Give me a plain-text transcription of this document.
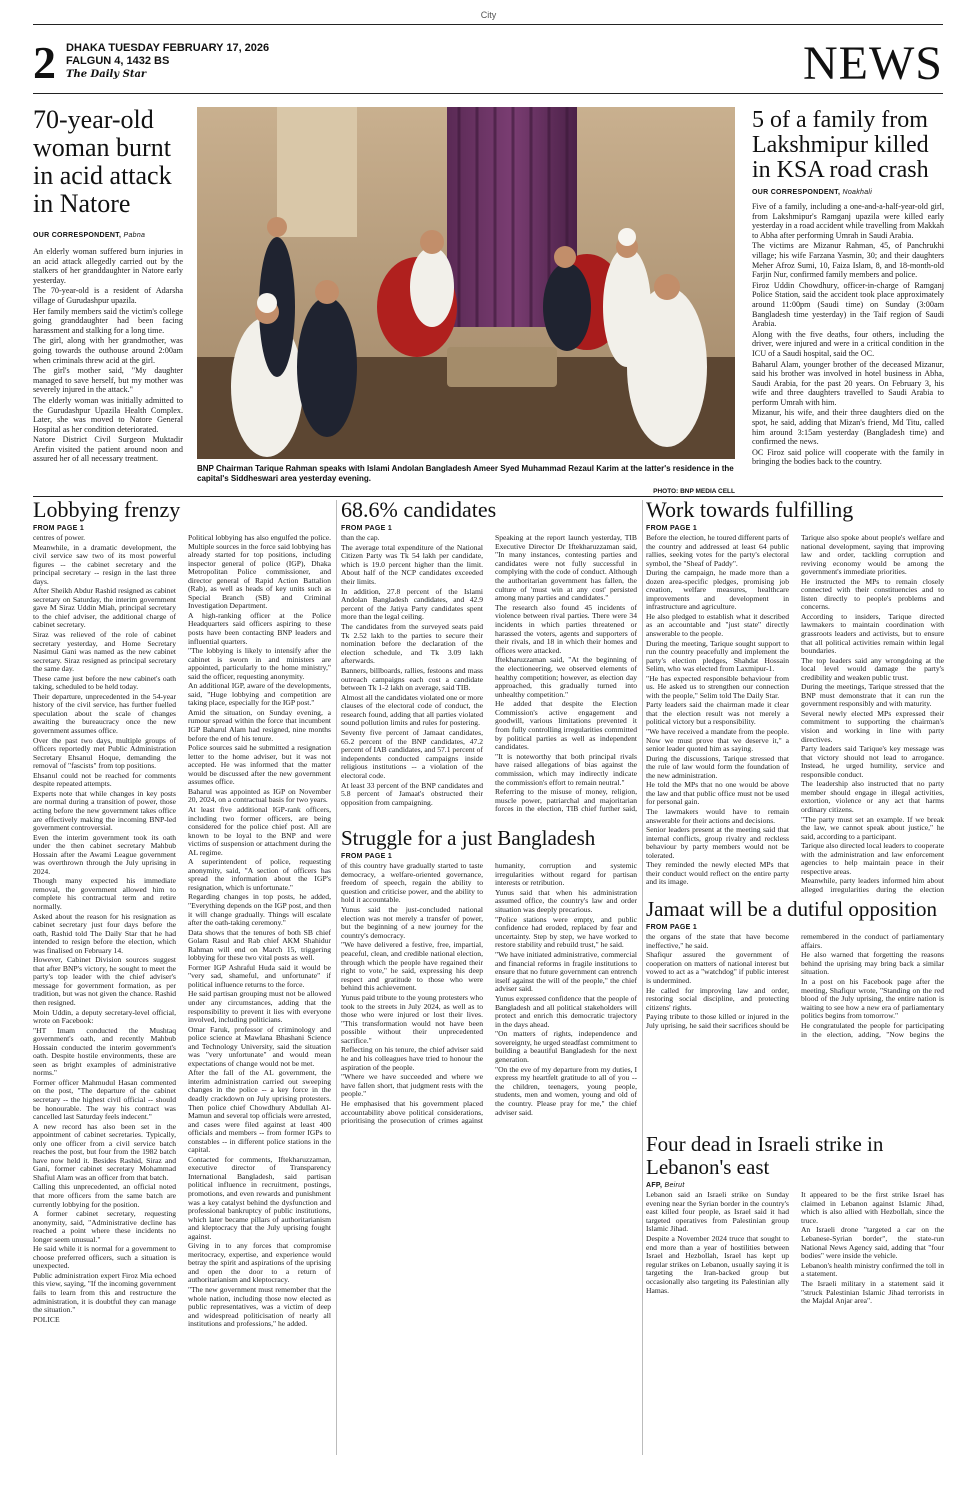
City
2 DHAKA TUESDAY FEBRUARY 17, 2026
FALGUN 4, 1432 BS
The Daily Star	NEWS
70-year-old woman burnt in acid attack in Natore
OUR CORRESPONDENT, Pabna

An elderly woman suffered burn injuries in an acid attack allegedly carried out by the stalkers of her granddaughter in Natore early yesterday.

The 70-year-old is a resident of Adarsha village of Gurudashpur upazila.

Her family members said the victim's college going granddaughter had been facing harassment and stalking for a long time.

The girl, along with her grandmother, was going towards the outhouse around 2:00am when criminals threw acid at the girl.

The girl's mother said, "My daughter managed to save herself, but my mother was severely injured in the attack."

The elderly woman was initially admitted to the Gurudashpur Upazila Health Complex. Later, she was moved to Natore General Hospital as her condition deteriorated.

Natore District Civil Surgeon Muktadir Arefin visited the patient around noon and assured her of all necessary treatment.

BNP Chairman Tarique Rahman speaks with Islami Andolan Bangladesh Ameer Syed Muhammad Rezaul Karim at the latter's residence in the capital's Siddheswari area yesterday evening.
PHOTO: BNP MEDIA CELL
5 of a family from Lakshmipur killed in KSA road crash
OUR CORRESPONDENT, Noakhali

Five of a family, including a one-and-a-half-year-old girl, from Lakshmipur's Ramganj upazila were killed early yesterday in a road accident while travelling from Makkah to Abha after performing Umrah in Saudi Arabia.

The victims are Mizanur Rahman, 45, of Panchrukhi village; his wife Farzana Yasmin, 30; and their daughters Meher Afroz Sumi, 10, Faiza Islam, 8, and 18-month-old Farjin Nur, confirmed family members and police.

Firoz Uddin Chowdhury, officer-in-charge of Ramganj Police Station, said the accident took place approximately around 11:00pm (Saudi time) on Sunday (3:00am Bangladesh time yesterday) in the Taif region of Saudi Arabia.

Along with the five deaths, four others, including the driver, were injured and were in a critical condition in the ICU of a Saudi hospital, said the OC.

Baharul Alam, younger brother of the deceased Mizanur, said his brother was involved in hotel business in Abha, Saudi Arabia, for the past 20 years. On February 3, his wife and three daughters travelled to Saudi Arabia to perform Umrah with him.

Mizanur, his wife, and their three daughters died on the spot, he said, adding that Mizan's friend, Md Titu, called him around 3:15am yesterday (Bangladesh time) and confirmed the news.

OC Firoz said police will cooperate with the family in bringing the bodies back to the country.

Lobbying frenzy
FROM PAGE 1

centres of power.

Meanwhile, in a dramatic development, the civil service saw two of its most powerful figures -- the cabinet secretary and the principal secretary -- resign in the last three days.

After Sheikh Abdur Rashid resigned as cabinet secretary on Saturday, the interim government gave M Siraz Uddin Miah, principal secretary to the chief adviser, the additional charge of cabinet secretary.

Siraz was relieved of the role of cabinet secretary yesterday, and Home Secretary Nasimul Gani was named as the new cabinet secretary. Siraz resigned as principal secretary the same day.

These came just before the new cabinet's oath taking, scheduled to be held today.

Their departure, unprecedented in the 54-year history of the civil service, has further fuelled speculation about the scale of changes awaiting the bureaucracy once the new government assumes office.

Over the past two days, multiple groups of officers reportedly met Public Administration Secretary Ehsanul Hoque, demanding the removal of "fascists" from top positions.

Ehsanul could not be reached for comments despite repeated attempts.

Experts note that while changes in key posts are normal during a transition of power, those acting before the new government takes office are effectively making the incoming BNP-led government controversial.

Even the interim government took its oath under the then cabinet secretary Mahbub Hossain after the Awami League government was overthrown through the July uprising in 2024.

Though many expected his immediate removal, the government allowed him to complete his contractual term and retire normally.

Asked about the reason for his resignation as cabinet secretary just four days before the oath, Rashid told The Daily Star that he had intended to resign before the election, which was finalised on February 14.

However, Cabinet Division sources suggest that after BNP's victory, he sought to meet the party's top leader with the chief adviser's message for government formation, as per tradition, but was not given the chance. Rashid then resigned.

Moin Uddin, a deputy secretary-level official, wrote on Facebook:

"HT Imam conducted the Mushtaq government's oath, and recently Mahbub Hossain conducted the interim government's oath. Despite hostile environments, these are seen as bright examples of administrative norms."

Former officer Mahmudul Hasan commented on the post, "The departure of the cabinet secretary -- the highest civil official -- should be honourable. The way his contract was cancelled last Saturday feels indecent."

A new record has also been set in the appointment of cabinet secretaries. Typically, only one officer from a civil service batch reaches the post, but four from the 1982 batch have now held it. Besides Rashid, Siraz and Gani, former cabinet secretary Mohammad Shafiul Alam was an officer from that batch.

Calling this unprecedented, an official noted that more officers from the same batch are currently lobbying for the position.

A former cabinet secretary, requesting anonymity, said, "Administrative decline has reached a point where these incidents no longer seem unusual."

He said while it is normal for a government to choose preferred officers, such a situation is unexpected.

Public administration expert Firoz Mia echoed this view, saying, "If the incoming government fails to learn from this and restructure the administration, it is doubtful they can manage the situation."

POLICE

Political lobbying has also engulfed the police. Multiple sources in the force said lobbying has already started for top positions, including inspector general of police (IGP), Dhaka Metropolitan Police commissioner, and director general of Rapid Action Battalion (Rab), as well as heads of key units such as Special Branch (SB) and Criminal Investigation Department.

A high-ranking officer at the Police Headquarters said officers aspiring to these posts have been contacting BNP leaders and influential quarters.

"The lobbying is likely to intensify after the cabinet is sworn in and ministers are appointed, particularly to the home ministry," said the officer, requesting anonymity.

An additional IGP, aware of the developments, said, "Huge lobbying and competition are taking place, especially for the IGP post."

Amid the situation, on Sunday evening, a rumour spread within the force that incumbent IGP Baharul Alam had resigned, nine months before the end of his tenure.

Police sources said he submitted a resignation letter to the home adviser, but it was not accepted. He was informed that the matter would be discussed after the new government assumes office.

Baharul was appointed as IGP on November 20, 2024, on a contractual basis for two years.

At least five additional IGP-rank officers, including two former officers, are being considered for the police chief post. All are known to be loyal to the BNP and were victims of suspension or attachment during the AL regime.

A superintendent of police, requesting anonymity, said, "A section of officers has spread the information about the IGP's resignation, which is unfortunate."

Regarding changes in top posts, he added, "Everything depends on the IGP post, and then it will change gradually. Things will escalate after the oath-taking ceremony."

Data shows that the tenures of both SB chief Golam Rasul and Rab chief AKM Shahidur Rahman will end on March 15, triggering lobbying for these two vital posts as well.

Former IGP Ashraful Huda said it would be "very sad, shameful, and unfortunate" if political influence returns to the force.

He said partisan grouping must not be allowed under any circumstances, adding that the responsibility to prevent it lies with everyone involved, including politicians.

Omar Faruk, professor of criminology and police science at Mawlana Bhashani Science and Technology University, said the situation was "very unfortunate" and would mean expectations of change would not be met.

After the fall of the AL government, the interim administration carried out sweeping changes in the police -- a key force in the deadly crackdown on July uprising protesters. Then police chief Chowdhury Abdullah Al-Mamun and several top officials were arrested, and cases were filed against at least 400 officials and members -- from former IGPs to constables -- in different police stations in the capital.

Contacted for comments, Iftekharuzzaman, executive director of Transparency International Bangladesh, said partisan political influence in recruitment, postings, promotions, and even rewards and punishment was a key catalyst behind the dysfunction and professional bankruptcy of public institutions, which later became pillars of authoritarianism and kleptocracy that the July uprising fought against.

Giving in to any forces that compromise meritocracy, expertise, and experience would betray the spirit and aspirations of the uprising and open the door to a return of authoritarianism and kleptocracy.

"The new government must remember that the whole nation, including those now elected as public representatives, was a victim of deep and widespread politicisation of nearly all institutions and professions," he added.

68.6% candidates
FROM PAGE 1

than the cap.

The average total expenditure of the National Citizen Party was Tk 54 lakh per candidate, which is 19.0 percent higher than the limit. About half of the NCP candidates exceeded their limits.

In addition, 27.8 percent of the Islami Andolan Bangladesh candidates, and 42.9 percent of the Jatiya Party candidates spent more than the legal ceiling.

The candidates from the surveyed seats paid Tk 2.52 lakh to the parties to secure their nomination before the declaration of the election schedule, and Tk 3.09 lakh afterwards.

Banners, billboards, rallies, festoons and mass outreach campaigns each cost a candidate between Tk 1-2 lakh on average, said TIB.

Almost all the candidates violated one or more clauses of the electoral code of conduct, the research found, adding that all parties violated sound pollution limits and rules for postering.

Seventy five percent of Jamaat candidates, 65.2 percent of the BNP candidates, 47.2 percent of IAB candidates, and 57.1 percent of independents conducted campaigns inside religious institutions -- a violation of the electoral code.

At least 33 percent of the BNP candidates and 5.8 percent of Jamaat's obstructed their opposition from campaigning.

Speaking at the report launch yesterday, TIB Executive Director Dr Iftekharuzzaman said, "In many instances, contesting parties and candidates were not fully successful in complying with the code of conduct. Although the authoritarian government has fallen, the culture of 'must win at any cost' persisted among many parties and candidates."

The research also found 45 incidents of violence between rival parties. There were 34 incidents in which parties threatened or harassed the voters, agents and supporters of their rivals, and 18 in which their homes and offices were attacked.

Iftekharuzzaman said, "At the beginning of the electioneering, we observed elements of healthy competition; however, as election day approached, this gradually turned into unhealthy competition."

He added that despite the Election Commission's active engagement and goodwill, various limitations prevented it from fully controlling irregularities committed by political parties as well as independent candidates.

"It is noteworthy that both principal rivals have raised allegations of bias against the commission, which may indirectly indicate the commission's effort to remain neutral."

Referring to the misuse of money, religion, muscle power, patriarchal and majoritarian forces in the election, TIB chief further said,

Struggle for a just Bangladesh
FROM PAGE 1

of this country have gradually started to taste democracy, a welfare-oriented governance, freedom of speech, regain the ability to question and criticise power, and the ability to hold it accountable.

Yunus said the just-concluded national election was not merely a transfer of power, but the beginning of a new journey for the country's democracy.

"We have delivered a festive, free, impartial, peaceful, clean, and credible national election, through which the people have regained their right to vote," he said, expressing his deep respect and gratitude to those who were behind this achievement.

Yunus paid tribute to the young protesters who took to the streets in July 2024, as well as to those who were injured or lost their lives. "This transformation would not have been possible without their unprecedented sacrifice."

Reflecting on his tenure, the chief adviser said he and his colleagues have tried to honour the aspiration of the people.

"Where we have succeeded and where we have fallen short, that judgment rests with the people."

He emphasised that his government placed accountability above political considerations, prioritising the prosecution of crimes against humanity, corruption and systemic irregularities without regard for partisan interests or retribution.

Yunus said that when his administration assumed office, the country's law and order situation was deeply precarious.

"Police stations were empty, and public confidence had eroded, replaced by fear and uncertainty. Step by step, we have worked to restore stability and rebuild trust," he said.

"We have initiated administrative, commercial and financial reforms in fragile institutions to ensure that no future government can entrench itself against the will of the people," the chief adviser said.

Yunus expressed confidence that the people of Bangladesh and all political stakeholders will protect and enrich this democratic trajectory in the days ahead.

"On matters of rights, independence and sovereignty, he urged steadfast commitment to building a beautiful Bangladesh for the next generation.

"On the eve of my departure from my duties, I express my heartfelt gratitude to all of you -- the children, teenagers, young people, students, men and women, young and old of the country. Please pray for me," the chief adviser said.

Work towards fulfilling
FROM PAGE 1

Before the election, he toured different parts of the country and addressed at least 64 public rallies, seeking votes for the party's electoral symbol, the "Sheaf of Paddy".

During the campaign, he made more than a dozen area-specific pledges, promising job creation, welfare measures, healthcare improvements and development in infrastructure and agriculture.

He also pledged to establish what it described as an accountable and "just state" directly answerable to the people.

During the meeting, Tarique sought support to run the country peacefully and implement the party's election pledges, Shahdat Hossain Selim, who was elected from Laxmipur-1.

"He has expected responsible behaviour from us. He asked us to strengthen our connection with the people," Selim told The Daily Star.

Party leaders said the chairman made it clear that the election result was not merely a political victory but a responsibility.

"We have received a mandate from the people. Now we must prove that we deserve it," a senior leader quoted him as saying.

During the discussions, Tarique stressed that the rule of law would form the foundation of the new administration.

He told the MPs that no one would be above the law and that public office must not be used for personal gain.

The lawmakers would have to remain answerable for their actions and decisions.

Senior leaders present at the meeting said that internal conflicts, group rivalry and reckless behaviour by party members would not be tolerated.

They reminded the newly elected MPs that their conduct would reflect on the entire party and its image.

Tarique also spoke about people's welfare and national development, saying that improving law and order, tackling corruption and reviving economy would be among the government's immediate priorities.

He instructed the MPs to remain closely connected with their constituencies and to listen directly to people's problems and concerns.

According to insiders, Tarique directed lawmakers to maintain coordination with grassroots leaders and activists, but to ensure that all political activities remain within legal boundaries.

The top leaders said any wrongdoing at the local level would damage the party's credibility and weaken public trust.

During the meetings, Tarique stressed that the BNP must demonstrate that it can run the government responsibly and with maturity.

Several newly elected MPs expressed their commitment to supporting the chairman's vision and working in line with party directives.

Party leaders said Tarique's key message was that victory should not lead to arrogance. Instead, he urged humility, service and responsible conduct.

The leadership also instructed that no party member should engage in illegal activities, extortion, violence or any act that harms ordinary citizens.

"The party must set an example. If we break the law, we cannot speak about justice," he said, according to a participant.

Tarique also directed local leaders to cooperate with the administration and law enforcement agencies to help maintain peace in their respective areas.

Meanwhile, party leaders informed him about alleged irregularities during the election

Jamaat will be a dutiful opposition
FROM PAGE 1

the organs of the state that have become ineffective," he said.

Shafiqur assured the government of cooperation on matters of national interest but vowed to act as a "watchdog" if public interest is undermined.

He called for improving law and order, restoring social discipline, and protecting citizens' rights.

Paying tribute to those killed or injured in the July uprising, he said their sacrifices should be remembered in the conduct of parliamentary affairs.

He also warned that forgetting the reasons behind the uprising may bring back a similar situation.

In a post on his Facebook page after the meeting, Shafiqur wrote, "Standing on the red blood of the July uprising, the entire nation is waiting to see how a new era of parliamentary politics begins from tomorrow."

He congratulated the people for participating in the election, adding, "Now begins the

Four dead in Israeli strike in Lebanon's east
AFP, Beirut

Lebanon said an Israeli strike on Sunday evening near the Syrian border in the country's east killed four people, as Israel said it had targeted operatives from Palestinian group Islamic Jihad.

Despite a November 2024 truce that sought to end more than a year of hostilities between Israel and Hezbollah, Israel has kept up regular strikes on Lebanon, usually saying it is targeting the Iran-backed group but occasionally also targeting its Palestinian ally Hamas.

It appeared to be the first strike Israel has claimed in Lebanon against Islamic Jihad, which is also allied with Hezbollah, since the truce.

An Israeli drone "targeted a car on the Lebanese-Syrian border", the state-run National News Agency said, adding that "four bodies" were inside the vehicle.

Lebanon's health ministry confirmed the toll in a statement.

The Israeli military in a statement said it "struck Palestinian Islamic Jihad terrorists in the Majdal Anjar area".
